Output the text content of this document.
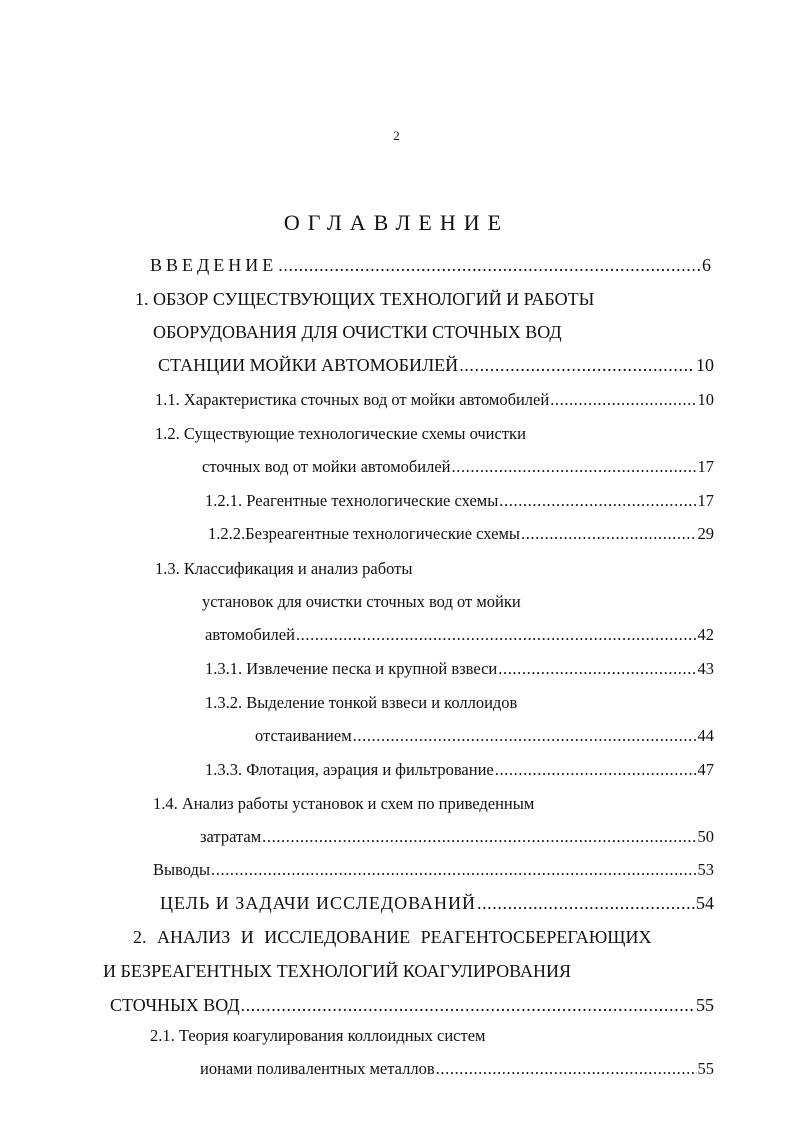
2
ОГЛАВЛЕНИЕ
ВВЕДЕНИЕ .....	6
1. ОБЗОР СУЩЕСТВУЮЩИХ ТЕХНОЛОГИЙ И РАБОТЫ
ОБОРУДОВАНИЯ ДЛЯ ОЧИСТКИ СТОЧНЫХ ВОД
СТАНЦИИ МОЙКИ АВТОМОБИЛЕЙ .....	10
1.1. Характеристика сточных вод от мойки автомобилей .....	10
1.2. Существующие технологические схемы очистки
сточных вод от мойки автомобилей .....	17
1.2.1. Реагентные технологические схемы .....	17
1.2.2.Безреагентные технологические схемы .....	29
1.3. Классификация и анализ работы
установок для очистки сточных вод от мойки
автомобилей .....	42
1.3.1. Извлечение песка и крупной взвеси .....	43
1.3.2. Выделение тонкой взвеси и коллоидов
отстаиванием .....	44
1.3.3. Флотация, аэрация и фильтрование .....	47
1.4. Анализ работы установок и схем по приведенным
затратам .....	50
Выводы .....	53
ЦЕЛЬ И ЗАДАЧИ ИССЛЕДОВАНИЙ .....	54
2. АНАЛИЗ И ИССЛЕДОВАНИЕ РЕАГЕНТОСБЕРЕГАЮЩИХ
И БЕЗРЕАГЕНТНЫХ ТЕХНОЛОГИЙ КОАГУЛИРОВАНИЯ
СТОЧНЫХ ВОД .....	55
2.1. Теория коагулирования коллоидных систем
ионами поливалентных металлов .....	55
